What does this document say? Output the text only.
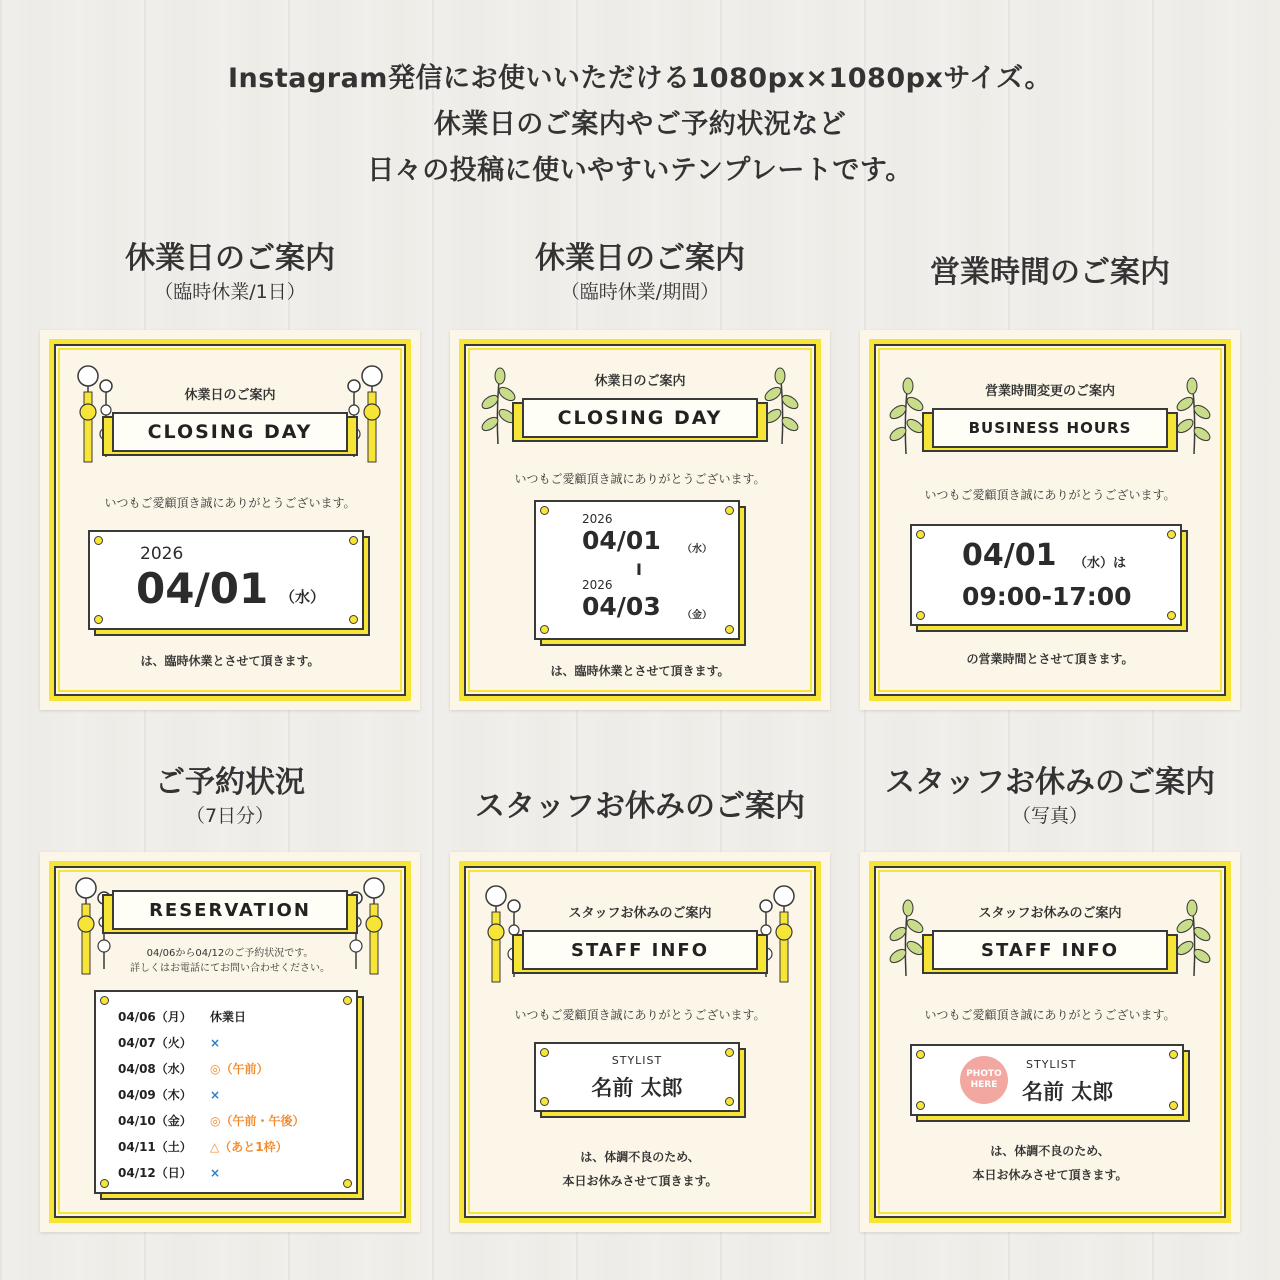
Instagram発信にお使いいただける1080px×1080pxサイズ。
休業日のご案内やご予約状況など
日々の投稿に使いやすいテンプレートです。
休業日のご案内
（臨時休業/1日）
休業日のご案内
（臨時休業/期間）
営業時間のご案内
ご予約状況
（7日分）	スタッフお休みのご案内
スタッフお休みのご案内
（写真）
休業日のご案内
CLOSING DAY
いつもご愛顧頂き誠にありがとうございます。
2026
04/01 （水）
は、臨時休業とさせて頂きます。
休業日のご案内
CLOSING DAY
いつもご愛顧頂き誠にありがとうございます。
2026
04/01 （水）
I
2026
04/03 （金）
は、臨時休業とさせて頂きます。
営業時間変更のご案内
BUSINESS HOURS
いつもご愛顧頂き誠にありがとうございます。
04/01 （水）は
09:00-17:00
の営業時間とさせて頂きます。
RESERVATION
04/06から04/12のご予約状況です。
詳しくはお電話にてお問い合わせください。
04/06（月） 休業日
04/07（火） ×
04/08（水） ◎（午前）
04/09（木） ×
04/10（金） ◎（午前・午後）
04/11（土） △（あと1枠）
04/12（日） ×
スタッフお休みのご案内
STAFF INFO
いつもご愛顧頂き誠にありがとうございます。
STYLIST
名前 太郎
は、体調不良のため、
本日お休みさせて頂きます。
スタッフお休みのご案内
STAFF INFO
いつもご愛顧頂き誠にありがとうございます。
PHOTO
HERE
STYLIST
名前 太郎
は、体調不良のため、
本日お休みさせて頂きます。
